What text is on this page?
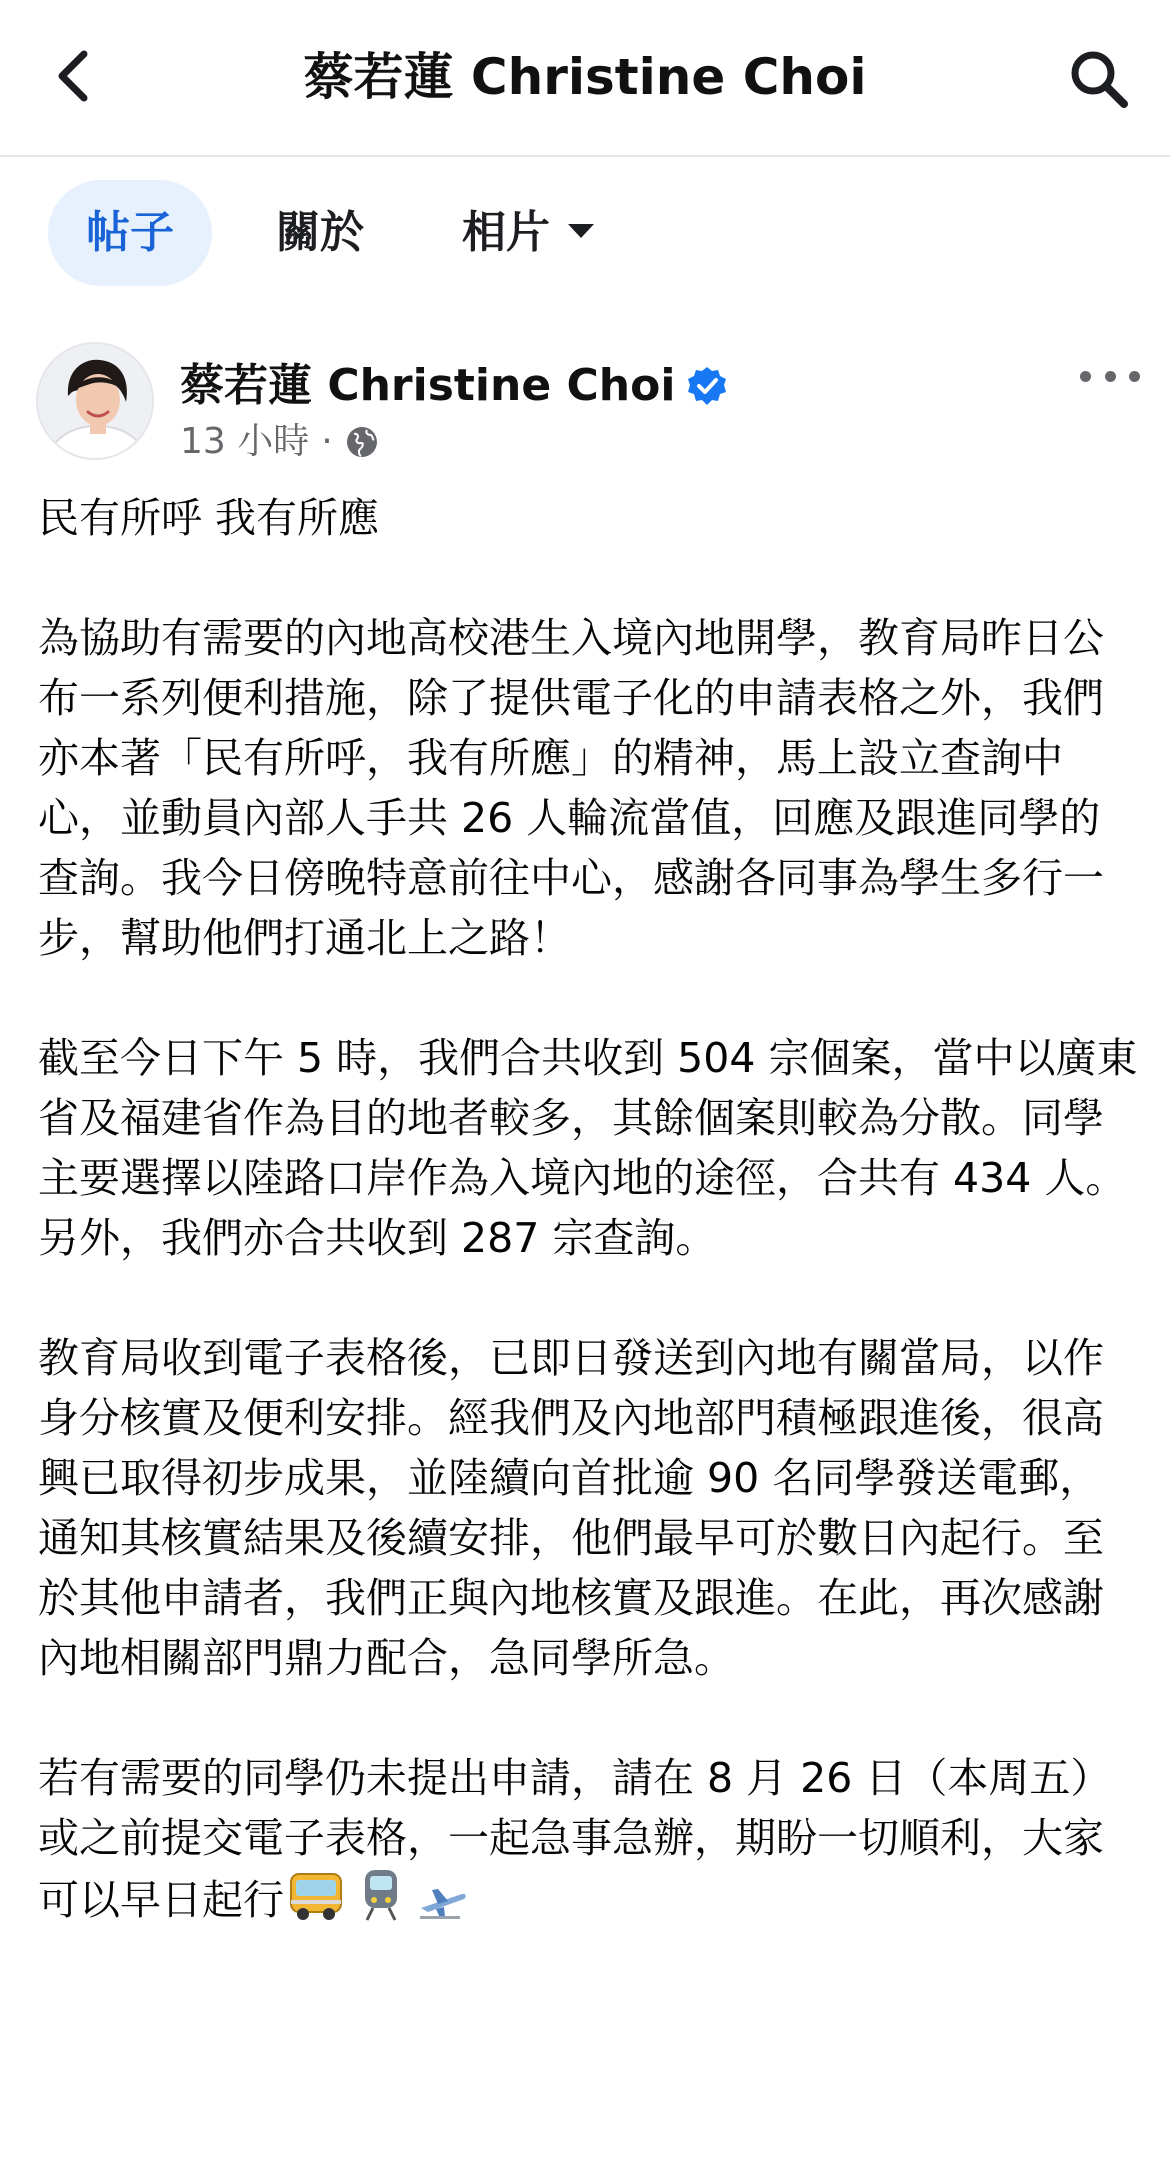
蔡若蓮 Christine Choi
帖子	關於	相片
蔡若蓮 Christine Choi
13 小時 ·

民有所呼 我有所應

為協助有需要的內地高校港生入境內地開學，教育局昨日公布一系列便利措施，除了提供電子化的申請表格之外，我們亦本著「民有所呼，我有所應」的精神，馬上設立查詢中心，並動員內部人手共 26 人輪流當值，回應及跟進同學的查詢。我今日傍晚特意前往中心，感謝各同事為學生多行一步，幫助他們打通北上之路！

截至今日下午 5 時，我們合共收到 504 宗個案，當中以廣東省及福建省作為目的地者較多，其餘個案則較為分散。同學主要選擇以陸路口岸作為入境內地的途徑，合共有 434 人。另外，我們亦合共收到 287 宗查詢。

教育局收到電子表格後，已即日發送到內地有關當局，以作身分核實及便利安排。經我們及內地部門積極跟進後，很高興已取得初步成果，並陸續向首批逾 90 名同學發送電郵，通知其核實結果及後續安排，他們最早可於數日內起行。至於其他申請者，我們正與內地核實及跟進。在此，再次感謝內地相關部門鼎力配合，急同學所急。

若有需要的同學仍未提出申請，請在 8 月 26 日（本周五）或之前提交電子表格，一起急事急辦，期盼一切順利，大家可以早日起行
